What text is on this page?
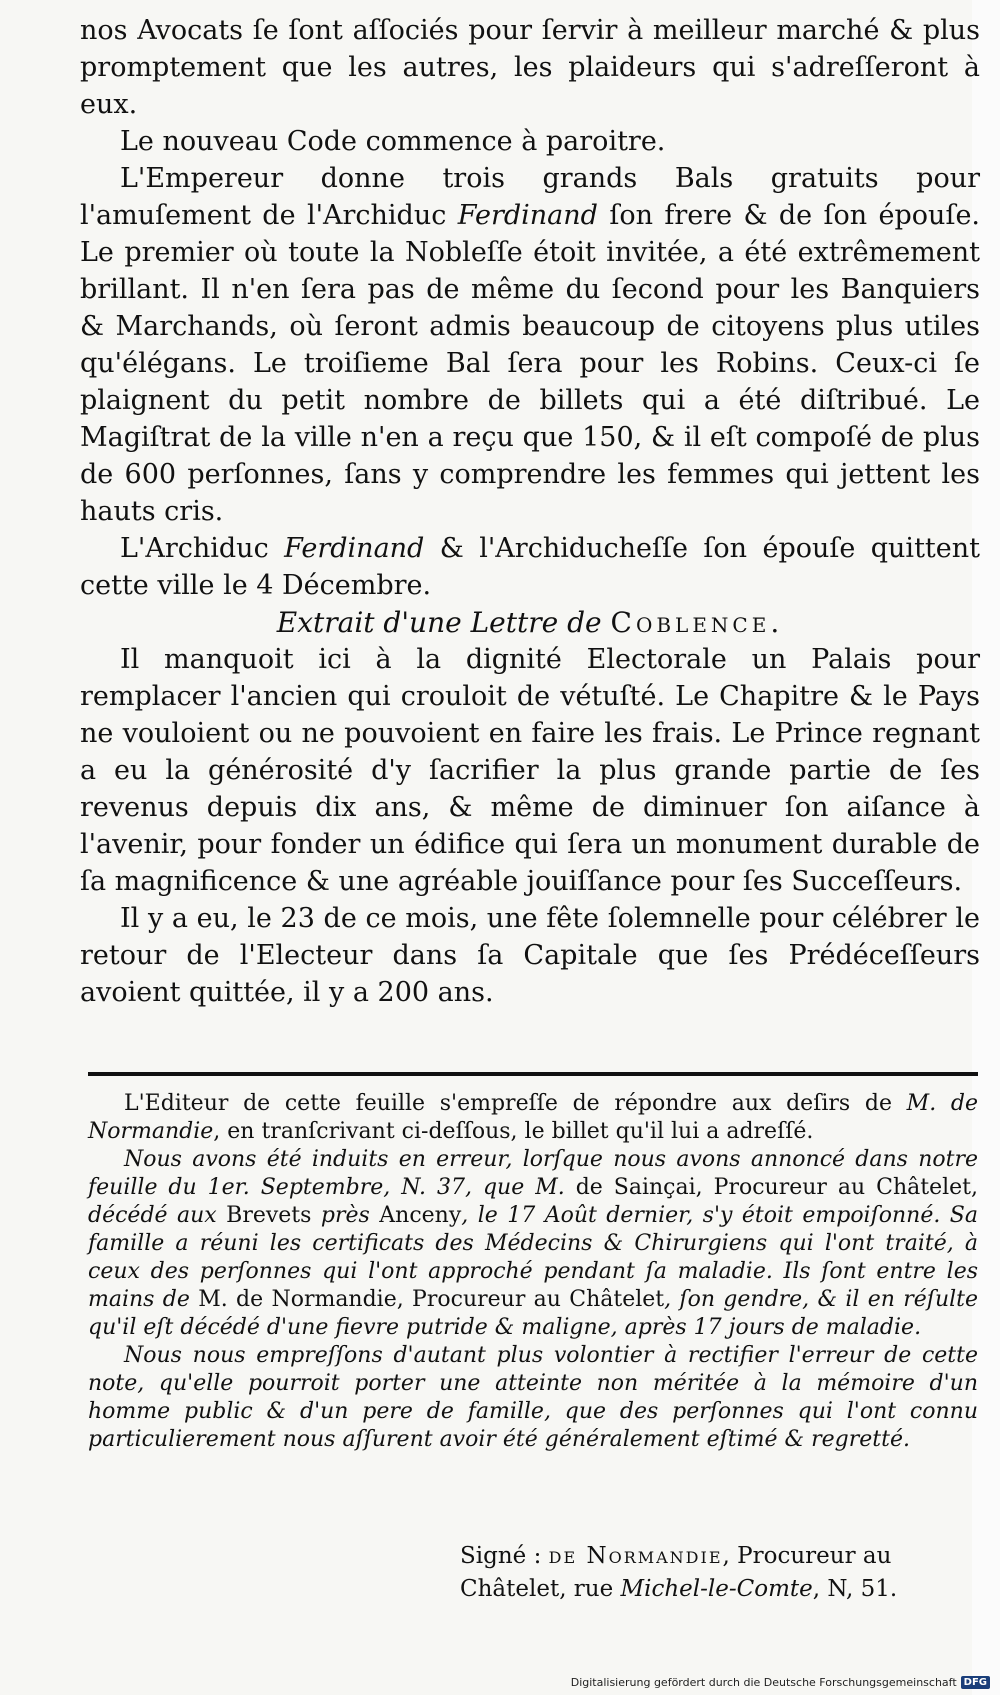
nos Avocats ſe ſont aſſociés pour ſervir à meilleur marché & plus promptement que les autres, les plaideurs qui s'adreſſeront à eux.

Le nouveau Code commence à paroitre.

L'Empereur donne trois grands Bals gratuits pour l'amuſement de l'Archiduc Ferdinand ſon frere & de ſon épouſe. Le premier où toute la Nobleſſe étoit invitée, a été extrêmement brillant. Il n'en ſera pas de même du ſecond pour les Banquiers & Marchands, où ſeront admis beaucoup de citoyens plus utiles qu'élégans. Le troiſieme Bal ſera pour les Robins. Ceux-ci ſe plaignent du petit nombre de billets qui a été diſtribué. Le Magiſtrat de la ville n'en a reçu que 150, & il eſt compoſé de plus de 600 perſonnes, ſans y comprendre les femmes qui jettent les hauts cris.

L'Archiduc Ferdinand & l'Archiducheſſe ſon épouſe quittent cette ville le 4 Décembre.

Extrait d'une Lettre de Coblence.

Il manquoit ici à la dignité Electorale un Palais pour remplacer l'ancien qui crouloit de vétuſté. Le Chapitre & le Pays ne vouloient ou ne pouvoient en faire les frais. Le Prince regnant a eu la générosité d'y ſacrifier la plus grande partie de ſes revenus depuis dix ans, & même de diminuer ſon aiſance à l'avenir, pour fonder un édifice qui ſera un monument durable de ſa magnificence & une agréable jouiſſance pour ſes Succeſſeurs.

Il y a eu, le 23 de ce mois, une fête ſolemnelle pour célébrer le retour de l'Electeur dans ſa Capitale que ſes Prédéceſſeurs avoient quittée, il y a 200 ans.

L'Editeur de cette feuille s'empreſſe de répondre aux deſirs de M. de Normandie, en tranſcrivant ci-deſſous, le billet qu'il lui a adreſſé.

Nous avons été induits en erreur, lorſque nous avons annoncé dans notre feuille du 1er. Septembre, N. 37, que M. de Sainçai, Procureur au Châtelet, décédé aux Brevets près Anceny, le 17 Août dernier, s'y étoit empoiſonné. Sa famille a réuni les certificats des Médecins & Chirurgiens qui l'ont traité, à ceux des perſonnes qui l'ont approché pendant ſa maladie. Ils ſont entre les mains de M. de Normandie, Procureur au Châtelet, ſon gendre, & il en réſulte qu'il eſt décédé d'une fievre putride & maligne, après 17 jours de maladie.

Nous nous empreſſons d'autant plus volontier à rectifier l'erreur de cette note, qu'elle pourroit porter une atteinte non méritée à la mémoire d'un homme public & d'un pere de famille, que des perſonnes qui l'ont connu particulierement nous aſſurent avoir été généralement eſtimé & regretté.

Signé : de Normandie, Procureur au
Châtelet, rue Michel-le-Comte, N, 51.
Digitalisierung gefördert durch die Deutsche Forschungsgemeinschaft DFG
